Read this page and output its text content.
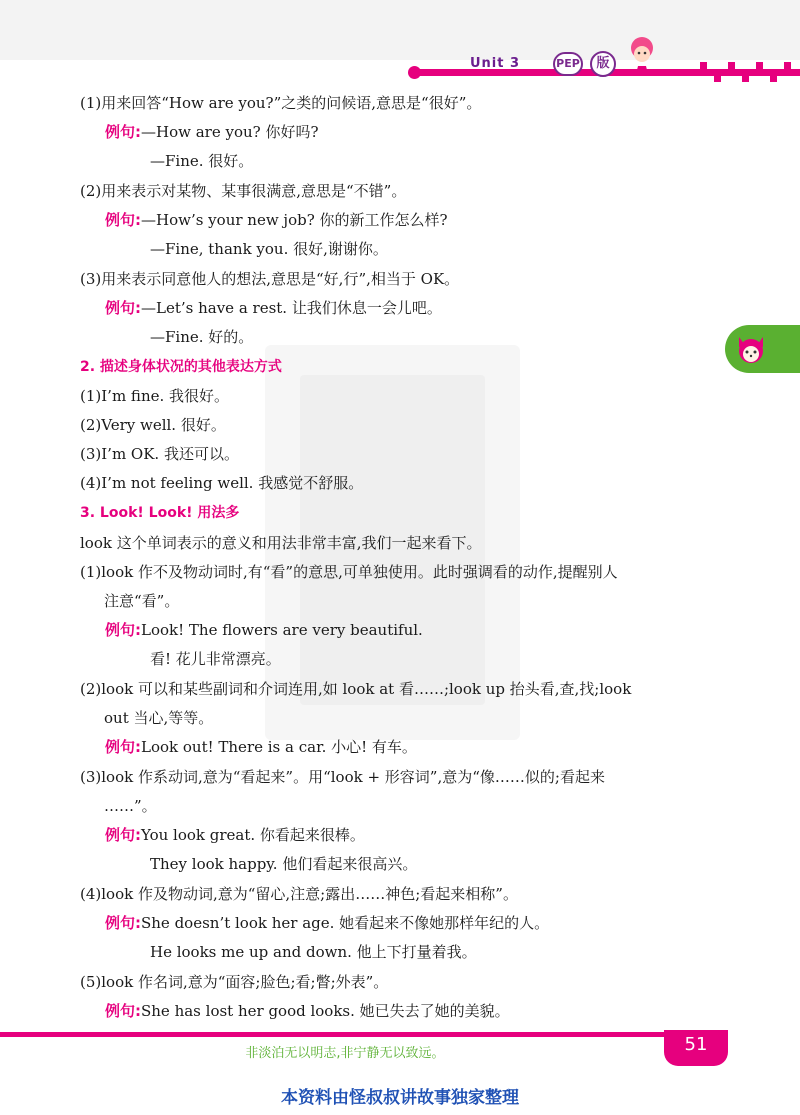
Unit 3	PEP	版
(1)用来回答“How are you?”之类的问候语,意思是“很好”。
例句:—How are you? 你好吗?
—Fine. 很好。
(2)用来表示对某物、某事很满意,意思是“不错”。
例句:—How’s your new job? 你的新工作怎么样?
—Fine, thank you. 很好,谢谢你。
(3)用来表示同意他人的想法,意思是“好,行”,相当于 OK。
例句:—Let’s have a rest. 让我们休息一会儿吧。
—Fine. 好的。
2. 描述身体状况的其他表达方式
(1)I’m fine. 我很好。
(2)Very well. 很好。
(3)I’m OK. 我还可以。
(4)I’m not feeling well. 我感觉不舒服。
3. Look! Look! 用法多
look 这个单词表示的意义和用法非常丰富,我们一起来看下。
(1)look 作不及物动词时,有“看”的意思,可单独使用。此时强调看的动作,提醒别人
注意“看”。
例句:Look! The flowers are very beautiful.
看! 花儿非常漂亮。
(2)look 可以和某些副词和介词连用,如 look at 看……;look up 抬头看,查,找;look
out 当心,等等。
例句:Look out! There is a car. 小心! 有车。
(3)look 作系动词,意为“看起来”。用“look + 形容词”,意为“像……似的;看起来
……”。
例句:You look great. 你看起来很棒。
They look happy. 他们看起来很高兴。
(4)look 作及物动词,意为“留心,注意;露出……神色;看起来相称”。
例句:She doesn’t look her age. 她看起来不像她那样年纪的人。
He looks me up and down. 他上下打量着我。
(5)look 作名词,意为“面容;脸色;看;瞥;外表”。
例句:She has lost her good looks. 她已失去了她的美貌。
非淡泊无以明志,非宁静无以致远。	51
本资料由怪叔叔讲故事独家整理
